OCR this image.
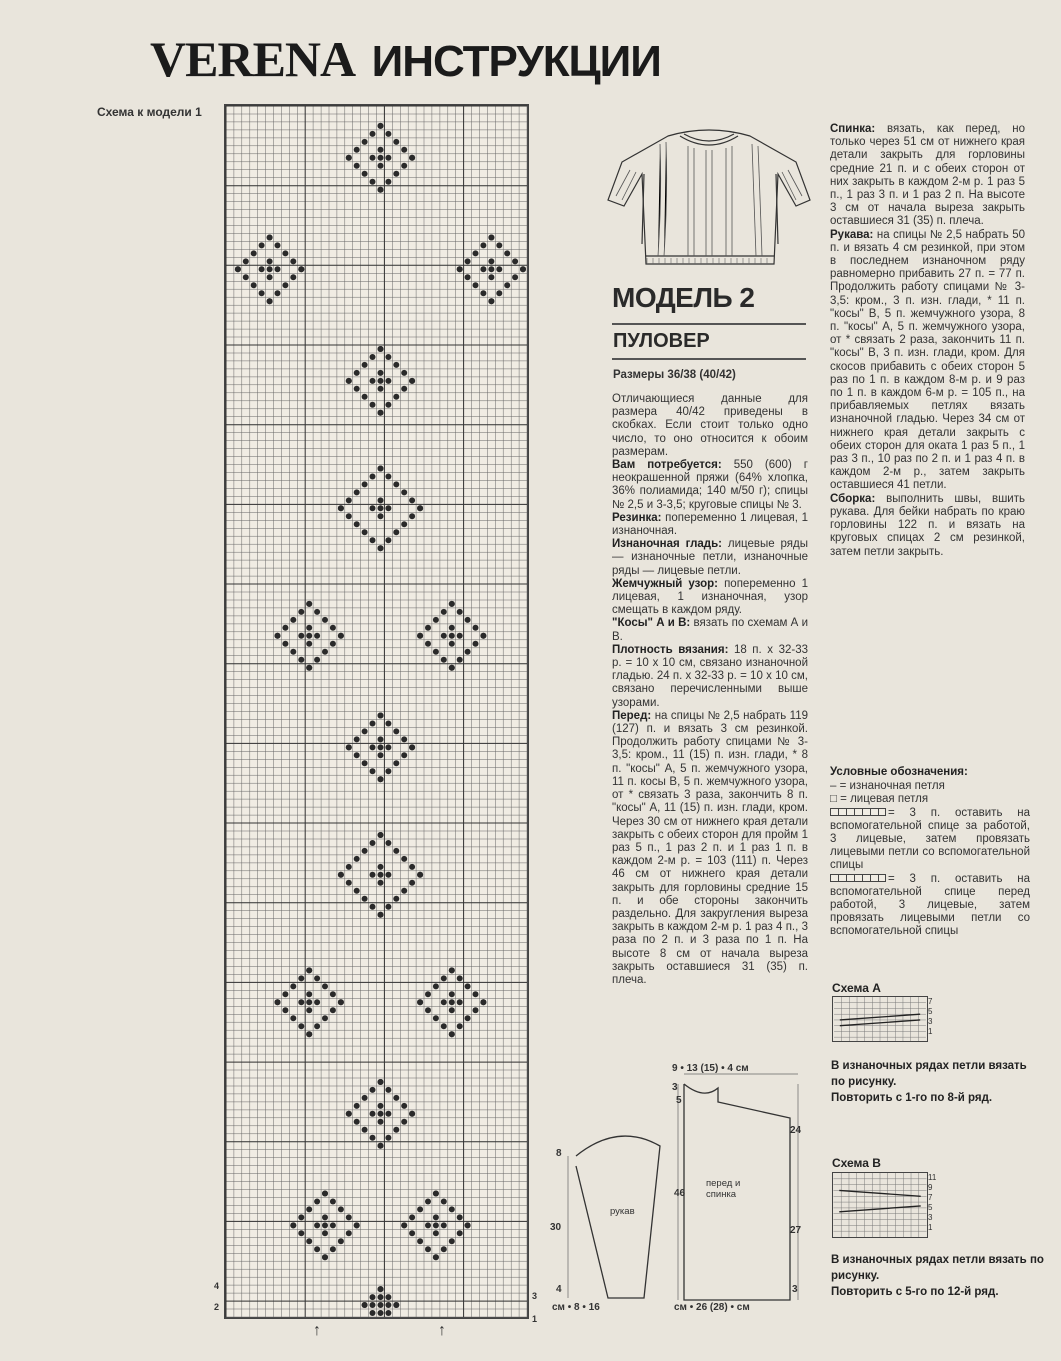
VERENA ИНСТРУКЦИИ
Схема к модели 1
4
2
3
1
↑	↑
МОДЕЛЬ 2
ПУЛОВЕР
Размеры 36/38 (40/42)

Отличающиеся данные для размера 40/42 приведены в скобках. Если стоит только одно число, то оно относится к обоим размерам.

Вам потребуется: 550 (600) г неокрашенной пряжи (64% хлопка, 36% полиамида; 140 м/50 г); спицы № 2,5 и 3-3,5; круговые спицы № 3.

Резинка: попеременно 1 лицевая, 1 изнаночная.

Изнаночная гладь: лицевые ряды — изнаночные петли, изнаночные ряды — лицевые петли.

Жемчужный узор: попеременно 1 лицевая, 1 изнаночная, узор смещать в каждом ряду.

"Косы" А и В: вязать по схемам А и В.

Плотность вязания: 18 п. х 32-33 р. = 10 х 10 см, связано изнаночной гладью. 24 п. х 32-33 р. = 10 х 10 см, связано перечисленными выше узорами.

Перед: на спицы № 2,5 набрать 119 (127) п. и вязать 3 см резинкой. Продолжить работу спицами № 3-3,5: кром., 11 (15) п. изн. глади, * 8 п. "косы" А, 5 п. жемчужного узора, 11 п. косы В, 5 п. жемчужного узора, от * связать 3 раза, закончить 8 п. "косы" А, 11 (15) п. изн. глади, кром. Через 30 см от нижнего края детали закрыть с обеих сторон для пройм 1 раз 5 п., 1 раз 2 п. и 1 раз 1 п. в каждом 2-м р. = 103 (111) п. Через 46 см от нижнего края детали закрыть для горловины средние 15 п. и обе стороны закончить раздельно. Для закругления выреза закрыть в каждом 2-м р. 1 раз 4 п., 3 раза по 2 п. и 3 раза по 1 п. На высоте 8 см от начала выреза закрыть оставшиеся 31 (35) п. плеча.

Спинка: вязать, как перед, но только через 51 см от нижнего края детали закрыть для горловины средние 21 п. и с обеих сторон от них закрыть в каждом 2-м р. 1 раз 5 п., 1 раз 3 п. и 1 раз 2 п. На высоте 3 см от начала выреза закрыть оставшиеся 31 (35) п. плеча.

Рукава: на спицы № 2,5 набрать 50 п. и вязать 4 см резинкой, при этом в последнем изнаночном ряду равномерно прибавить 27 п. = 77 п. Продолжить работу спицами № 3-3,5: кром., 3 п. изн. глади, * 11 п. "косы" В, 5 п. жемчужного узора, 8 п. "косы" А, 5 п. жемчужного узора, от * связать 2 раза, закончить 11 п. "косы" В, 3 п. изн. глади, кром. Для скосов прибавить с обеих сторон 5 раз по 1 п. в каждом 8-м р. и 9 раз по 1 п. в каждом 6-м р. = 105 п., на прибавляемых петлях вязать изнаночной гладью. Через 34 см от нижнего края детали закрыть с обеих сторон для оката 1 раз 5 п., 1 раз 3 п., 10 раз по 2 п. и 1 раз 4 п. в каждом 2-м р., затем закрыть оставшиеся 41 петли.

Сборка: выполнить швы, вшить рукава. Для бейки набрать по краю горловины 122 п. и вязать на круговых спицах 2 см резинкой, затем петли закрыть.

Условные обозначения:
– = изнаночная петля
□ = лицевая петля
= 3 п. оставить на вспомогательной спице за работой, 3 лицевые, затем провязать лицевыми петли со вспомогательной спицы
= 3 п. оставить на вспомогательной спице перед работой, 3 лицевые, затем провязать лицевыми петли со вспомогательной спицы
Схема А
7
5
3
1
В изнаночных рядах петли вязать по рисунку.
Повторить с 1-го по 8-й ряд.
Схема В
11
9
7
5
3
1
В изнаночных рядах петли вязать по рисунку.
Повторить с 5-го по 12-й ряд.
9 • 13 (15) • 4 см
3
5
24
8
46
30	27
4	3
рукав
перед и спинка
см • 8 • 16	см • 26 (28) • см
